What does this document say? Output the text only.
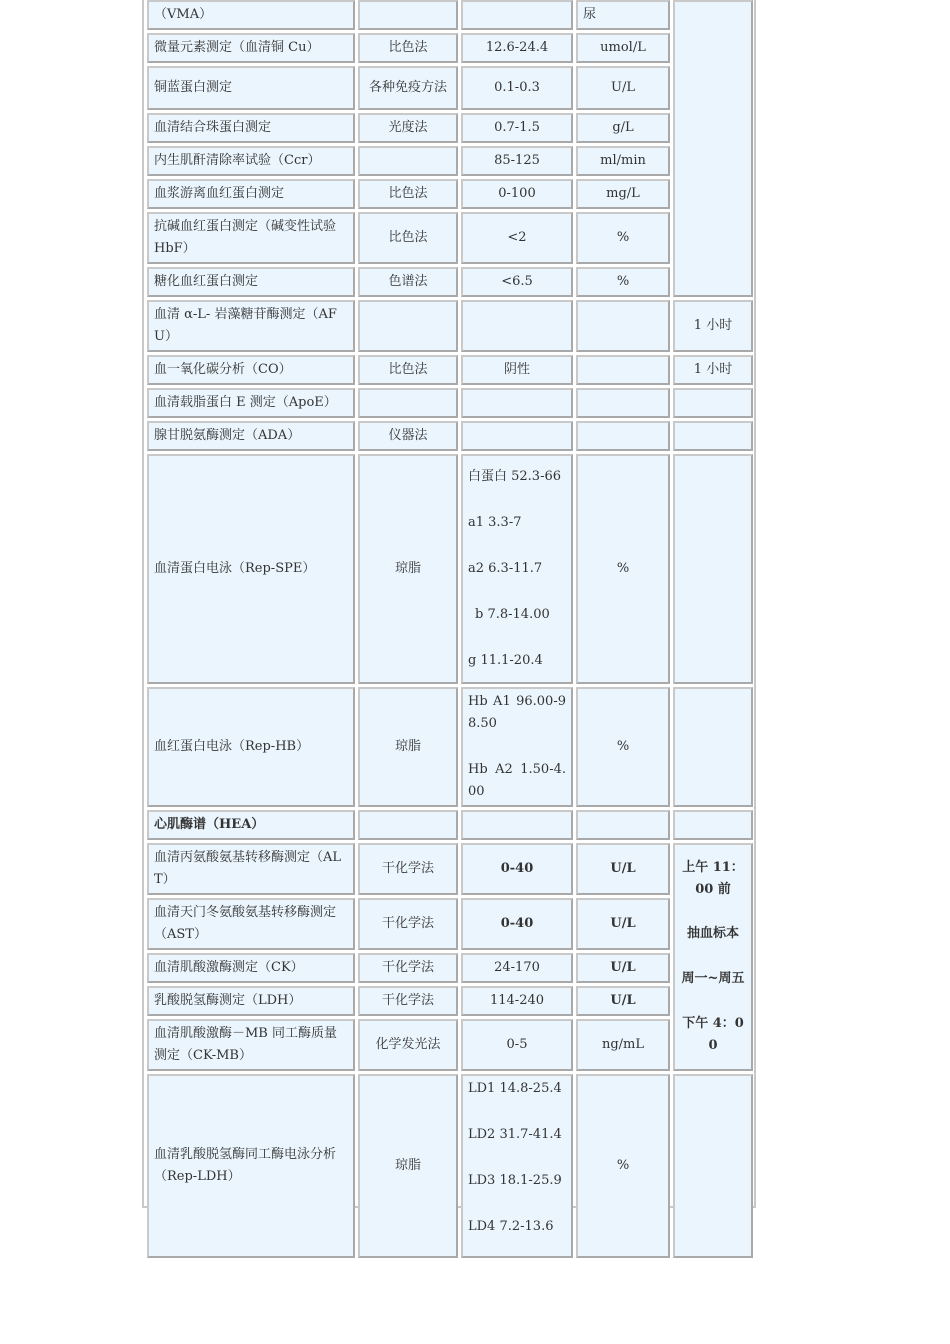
（VMA）			尿	
微量元素测定（血清铜 Cu）	比色法	12.6-24.4	umol/L	
铜蓝蛋白测定	各种免疫方法	0.1-0.3	U/L	
血清结合珠蛋白测定	光度法	0.7-1.5	g/L	
内生肌酐清除率试验（Ccr）		85-125	ml/min	
血浆游离血红蛋白测定	比色法	0-100	mg/L	
抗碱血红蛋白测定（碱变性试验 HbF）	比色法	<2	%	
糖化血红蛋白测定	色谱法	<6.5	%	
血清 α-L- 岩藻糖苷酶测定（AFU）				1 小时
血一氧化碳分析（CO）	比色法	阴性		1 小时
血清载脂蛋白 E 测定（ApoE）				
腺甘脱氨酶测定（ADA）	仪器法			
血清蛋白电泳（Rep-SPE）	琼脂	白蛋白 52.3-66
a1 3.3-7
a2 6.3-11.7
b 7.8-14.00
g 11.1-20.4	%	
血红蛋白电泳（Rep-HB）	琼脂	Hb A1 96.00-98.50
Hb A2 1.50-4.00	%	
心肌酶谱（HEA）				
血清丙氨酸氨基转移酶测定（ALT）	干化学法	0-40	U/L	上午 11：00 前
抽血标本
周一~周五
下午 4：00

血清天门冬氨酸氨基转移酶测定（AST）	干化学法	0-40	U/L	
血清肌酸激酶测定（CK）	干化学法	24-170	U/L	
乳酸脱氢酶测定（LDH）	干化学法	114-240	U/L	
血清肌酸激酶－MB 同工酶质量测定（CK-MB）	化学发光法	0-5	ng/mL	
血清乳酸脱氢酶同工酶电泳分析（Rep-LDH）	琼脂	LD1 14.8-25.4
LD2 31.7-41.4
LD3 18.1-25.9
LD4 7.2-13.6	%	
